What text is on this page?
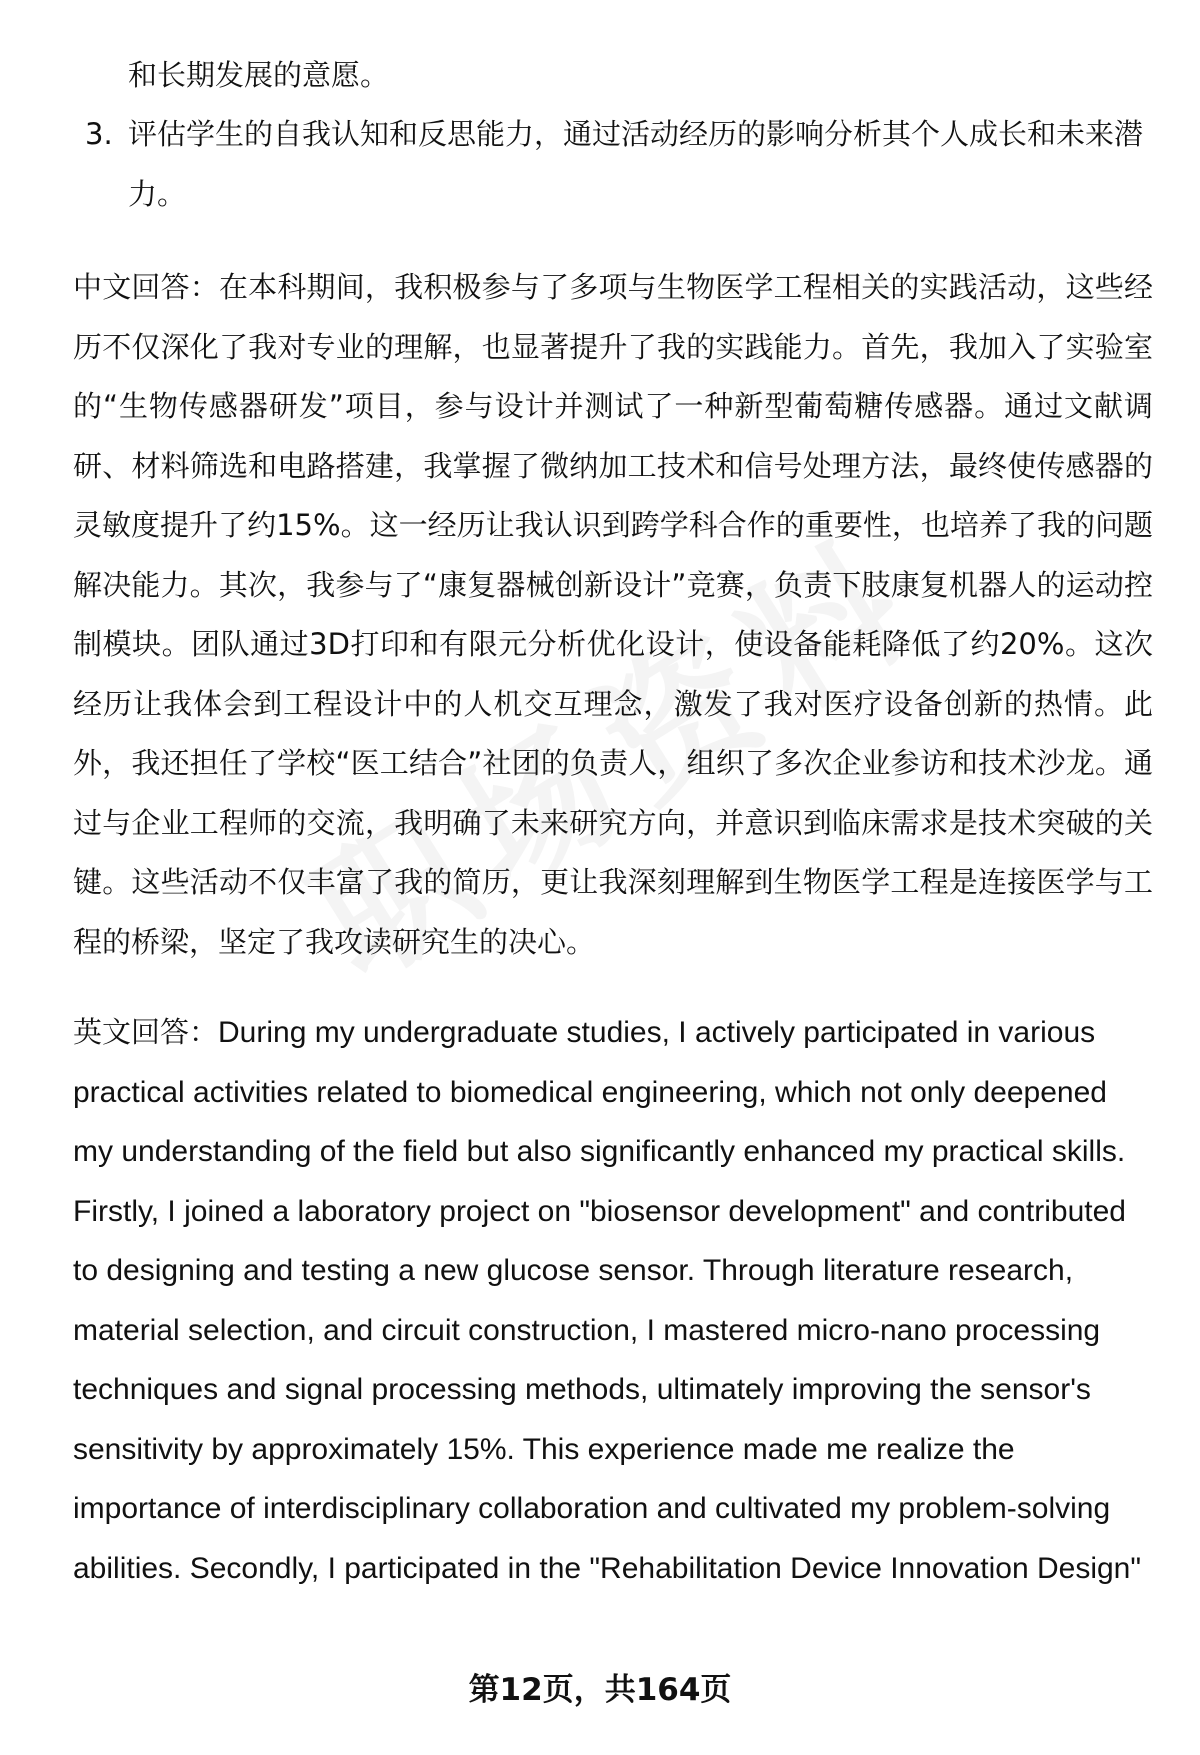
和长期发展的意愿。

3. 评估学生的自我认知和反思能力，通过活动经历的影响分析其个人成长和未来潜力。
中文回答：在本科期间，我积极参与了多项与生物医学工程相关的实践活动，这些经历不仅深化了我对专业的理解，也显著提升了我的实践能力。首先，我加入了实验室的“生物传感器研发”项目，参与设计并测试了一种新型葡萄糖传感器。通过文献调研、材料筛选和电路搭建，我掌握了微纳加工技术和信号处理方法，最终使传感器的灵敏度提升了约15%。这一经历让我认识到跨学科合作的重要性，也培养了我的问题解决能力。其次，我参与了“康复器械创新设计”竞赛，负责下肢康复机器人的运动控制模块。团队通过3D打印和有限元分析优化设计，使设备能耗降低了约20%。这次经历让我体会到工程设计中的人机交互理念，激发了我对医疗设备创新的热情。此外，我还担任了学校“医工结合”社团的负责人，组织了多次企业参访和技术沙龙。通过与企业工程师的交流，我明确了未来研究方向，并意识到临床需求是技术突破的关键。这些活动不仅丰富了我的简历，更让我深刻理解到生物医学工程是连接医学与工程的桥梁，坚定了我攻读研究生的决心。
英文回答：During my undergraduate studies, I actively participated in various practical activities related to biomedical engineering, which not only deepened my understanding of the field but also significantly enhanced my practical skills. Firstly, I joined a laboratory project on "biosensor development" and contributed to designing and testing a new glucose sensor. Through literature research, material selection, and circuit construction, I mastered micro-nano processing techniques and signal processing methods, ultimately improving the sensor's sensitivity by approximately 15%. This experience made me realize the importance of interdisciplinary collaboration and cultivated my problem-solving abilities. Secondly, I participated in the "Rehabilitation Device Innovation Design"
第12页，共164页
